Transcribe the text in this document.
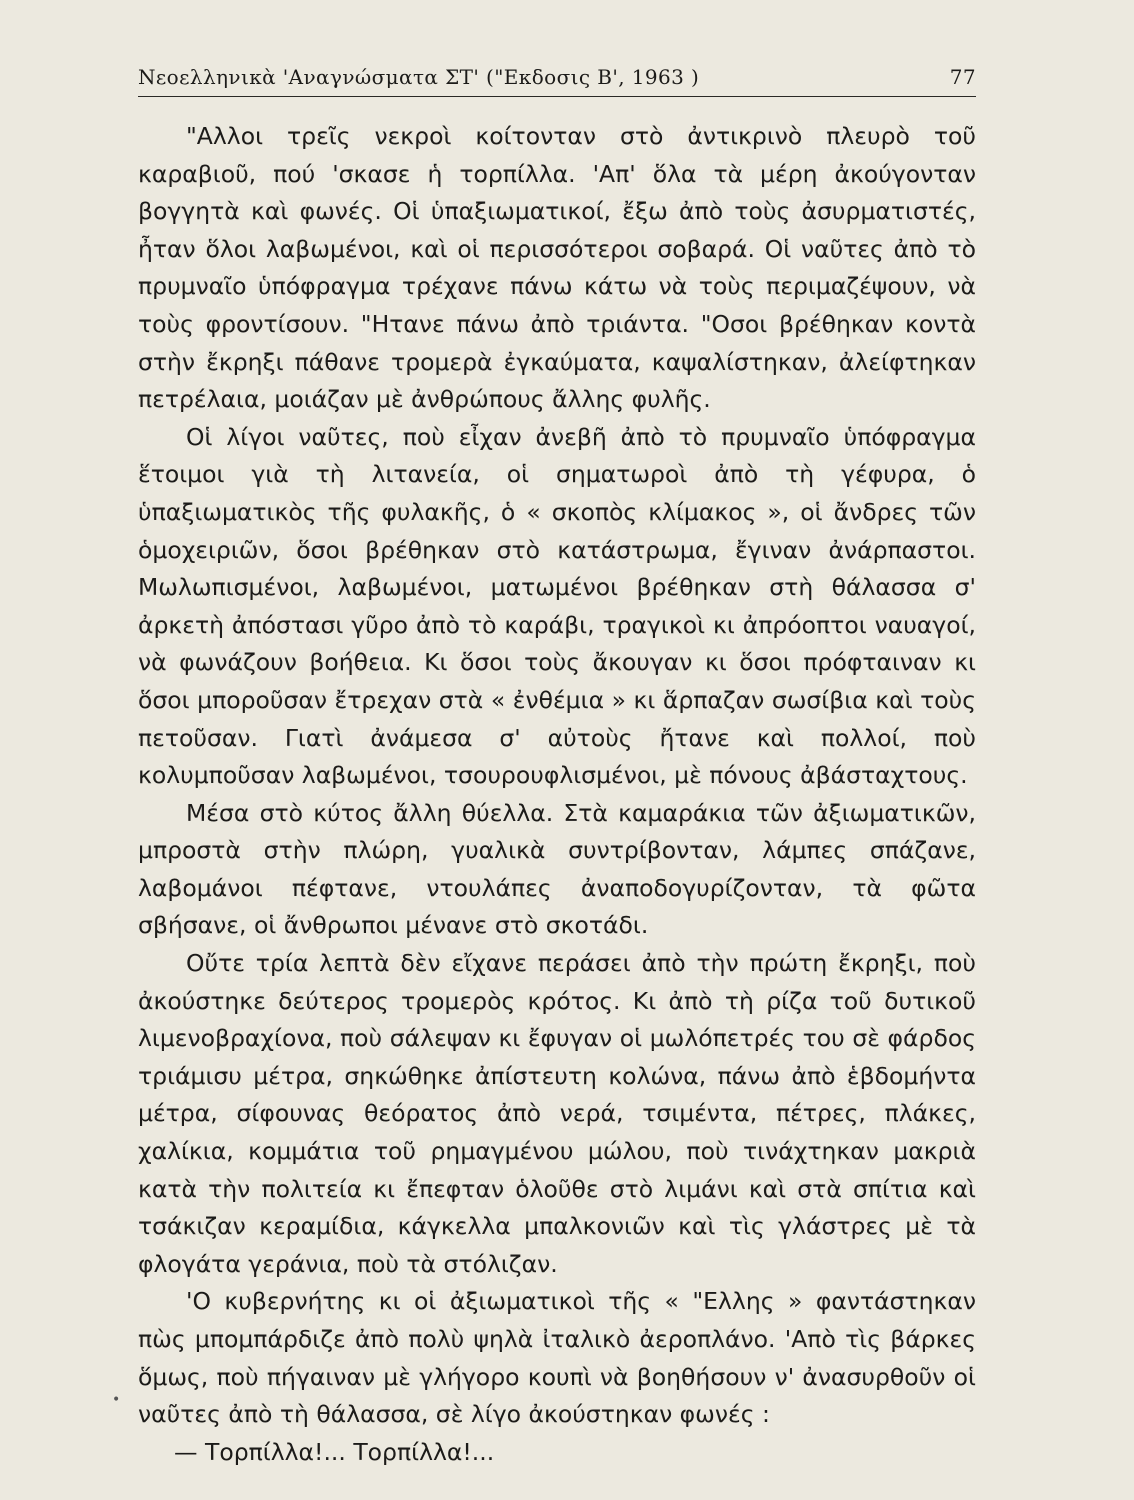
Νεοελληνικὰ 'Αναγνώσματα ΣΤ' ("Εκδοσις Β', 1963 )	77

"Αλλοι τρεῖς νεκροὶ κοίτονταν στὸ ἀντικρινὸ πλευρὸ τοῦ καραβιοῦ, πού 'σκασε ἡ τορπίλλα. 'Απ' ὅλα τὰ μέρη ἀκούγονταν βογγητὰ καὶ φωνές. Οἱ ὑπαξιωματικοί, ἔξω ἀπὸ τοὺς ἀσυρματιστές, ἦταν ὅλοι λαβωμένοι, καὶ οἱ περισσότεροι σοβαρά. Οἱ ναῦτες ἀπὸ τὸ πρυμναῖο ὑπόφραγμα τρέχανε πάνω κάτω νὰ τοὺς περιμαζέψουν, νὰ τοὺς φροντίσουν. "Ητανε πάνω ἀπὸ τριάντα. "Οσοι βρέθηκαν κοντὰ στὴν ἔκρηξι πάθανε τρομερὰ ἐγκαύματα, καψαλίστηκαν, ἀλείφτηκαν πετρέλαια, μοιάζαν μὲ ἀνθρώπους ἄλλης φυλῆς.

Οἱ λίγοι ναῦτες, ποὺ εἶχαν ἀνεβῆ ἀπὸ τὸ πρυμναῖο ὑπόφραγμα ἕτοιμοι γιὰ τὴ λιτανεία, οἱ σηματωροὶ ἀπὸ τὴ γέφυρα, ὁ ὑπαξιωματικὸς τῆς φυλακῆς, ὁ « σκοπὸς κλίμακος », οἱ ἄνδρες τῶν ὁμοχειριῶν, ὅσοι βρέθηκαν στὸ κατάστρωμα, ἔγιναν ἀνάρπαστοι. Μωλωπισμένοι, λαβωμένοι, ματωμένοι βρέθηκαν στὴ θάλασσα σ' ἀρκετὴ ἀπόστασι γῦρο ἀπὸ τὸ καράβι, τραγικοὶ κι ἀπρόοπτοι ναυαγοί, νὰ φωνάζουν βοήθεια. Κι ὅσοι τοὺς ἄκουγαν κι ὅσοι πρόφταιναν κι ὅσοι μποροῦσαν ἔτρεχαν στὰ « ἐνθέμια » κι ἅρπαζαν σωσίβια καὶ τοὺς πετοῦσαν. Γιατὶ ἀνάμεσα σ' αὐτοὺς ἤτανε καὶ πολλοί, ποὺ κολυμποῦσαν λαβωμένοι, τσουρουφλισμένοι, μὲ πόνους ἀβάσταχτους.

Μέσα στὸ κύτος ἄλλη θύελλα. Στὰ καμαράκια τῶν ἀξιωματικῶν, μπροστὰ στὴν πλώρη, γυαλικὰ συντρίβονταν, λάμπες σπάζανε, λαβομάνοι πέφτανε, ντουλάπες ἀναποδογυρίζονταν, τὰ φῶτα σβήσανε, οἱ ἄνθρωποι μένανε στὸ σκοτάδι.

Οὔτε τρία λεπτὰ δὲν εἴχανε περάσει ἀπὸ τὴν πρώτη ἔκρηξι, ποὺ ἀκούστηκε δεύτερος τρομερὸς κρότος. Κι ἀπὸ τὴ ρίζα τοῦ δυτικοῦ λιμενοβραχίονα, ποὺ σάλεψαν κι ἔφυγαν οἱ μωλόπετρές του σὲ φάρδος τριάμισυ μέτρα, σηκώθηκε ἀπίστευτη κολώνα, πάνω ἀπὸ ἑβδομήντα μέτρα, σίφουνας θεόρατος ἀπὸ νερά, τσιμέντα, πέτρες, πλάκες, χαλίκια, κομμάτια τοῦ ρημαγμένου μώλου, ποὺ τινάχτηκαν μακριὰ κατὰ τὴν πολιτεία κι ἔπεφταν ὁλοῦθε στὸ λιμάνι καὶ στὰ σπίτια καὶ τσάκιζαν κεραμίδια, κάγκελλα μπαλκονιῶν καὶ τὶς γλάστρες μὲ τὰ φλογάτα γεράνια, ποὺ τὰ στόλιζαν.

'Ο κυβερνήτης κι οἱ ἀξιωματικοὶ τῆς « "Ελλης » φαντάστηκαν πὼς μπομπάρδιζε ἀπὸ πολὺ ψηλὰ ἰταλικὸ ἀεροπλάνο. 'Απὸ τὶς βάρκες ὅμως, ποὺ πήγαιναν μὲ γλήγορο κουπὶ νὰ βοηθήσουν ν' ἀνασυρθοῦν οἱ ναῦτες ἀπὸ τὴ θάλασσα, σὲ λίγο ἀκούστηκαν φωνές :

— Τορπίλλα!... Τορπίλλα!...

•
